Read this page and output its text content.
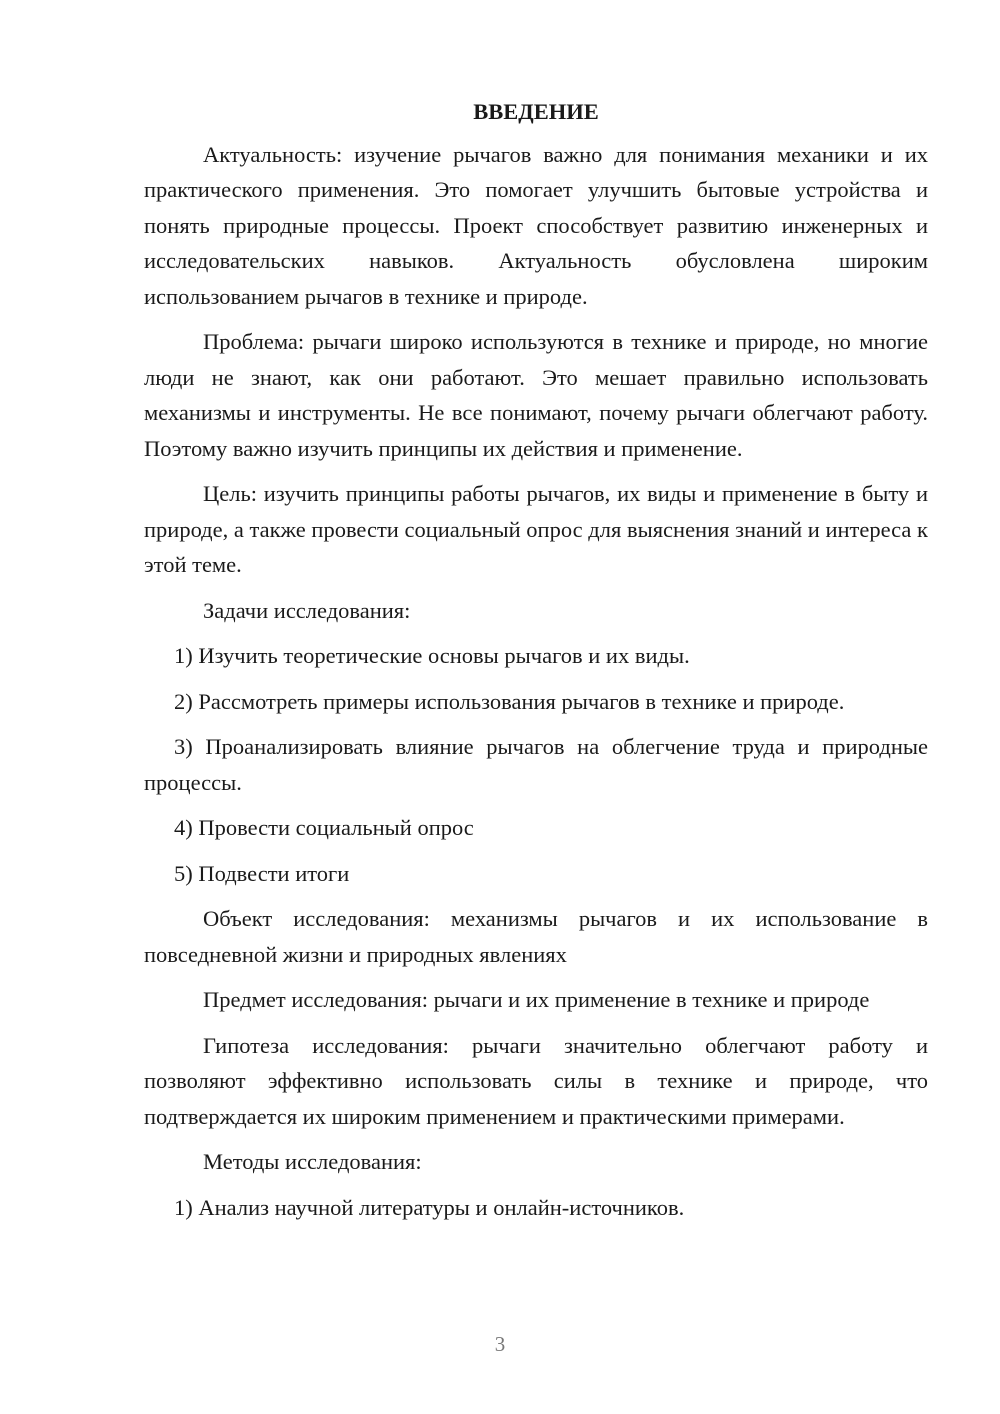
ВВЕДЕНИЕ

Актуальность: изучение рычагов важно для понимания механики и их практического применения. Это помогает улучшить бытовые устройства и понять природные процессы. Проект способствует развитию инженерных и исследовательских навыков. Актуальность обусловлена широким использованием рычагов в технике и природе.

Проблема: рычаги широко используются в технике и природе, но многие люди не знают, как они работают. Это мешает правильно использовать механизмы и инструменты. Не все понимают, почему рычаги облегчают работу. Поэтому важно изучить принципы их действия и применение.

Цель: изучить принципы работы рычагов, их виды и применение в быту и природе, а также провести социальный опрос для выяснения знаний и интереса к этой теме.

Задачи исследования:

1) Изучить теоретические основы рычагов и их виды.

2) Рассмотреть примеры использования рычагов в технике и природе.

3) Проанализировать влияние рычагов на облегчение труда и природные процессы.

4) Провести социальный опрос

5) Подвести итоги

Объект исследования: механизмы рычагов и их использование в повседневной жизни и природных явлениях

Предмет исследования: рычаги и их применение в технике и природе

Гипотеза исследования: рычаги значительно облегчают работу и позволяют эффективно использовать силы в технике и природе, что подтверждается их широким применением и практическими примерами.

Методы исследования:

1) Анализ научной литературы и онлайн-источников.

3
